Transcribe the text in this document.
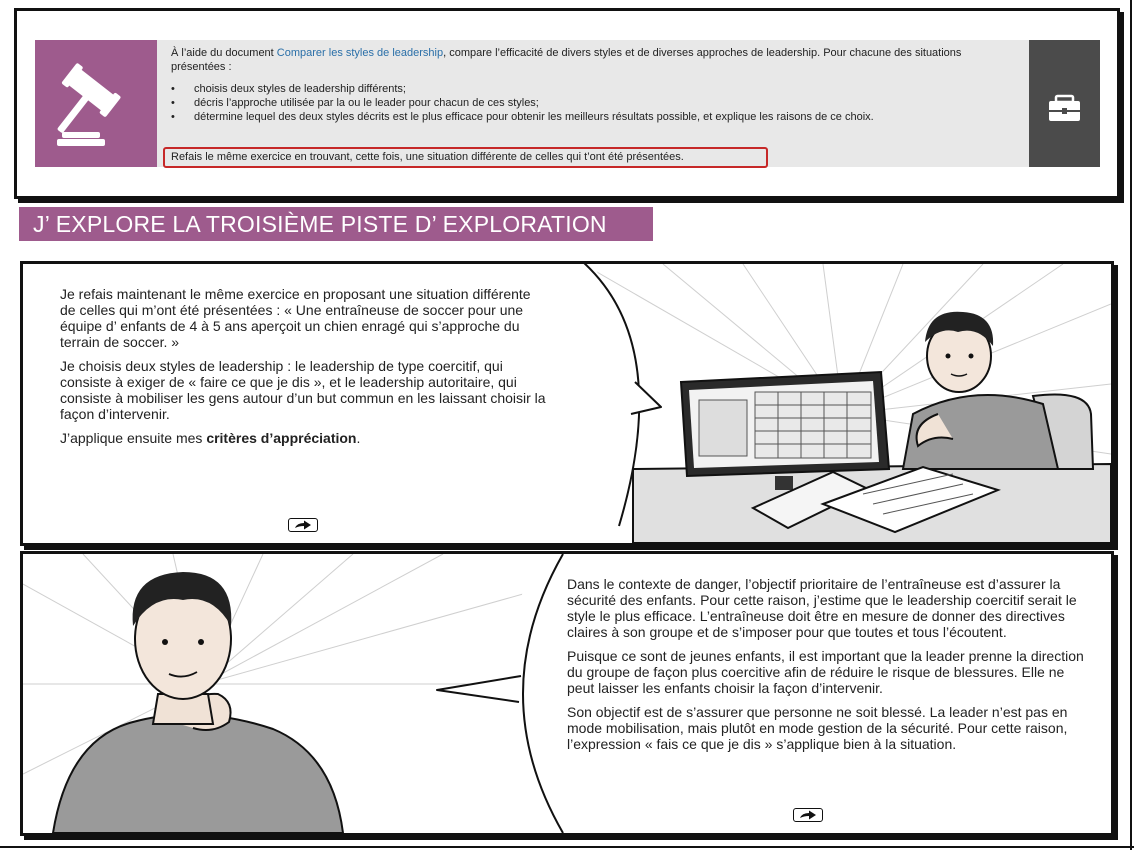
À l’aide du document Comparer les styles de leadership, compare l’efficacité de divers styles et de diverses approches de leadership. Pour chacune des situations présentées :

• choisis deux styles de leadership différents;
• décris l’approche utilisée par la ou le leader pour chacun de ces styles;
• détermine lequel des deux styles décrits est le plus efficace pour obtenir les meilleurs résultats possible, et explique les raisons de ce choix.
Refais le même exercice en trouvant, cette fois, une situation différente de celles qui t’ont été présentées.
J’ EXPLORE LA TROISIÈME PISTE D’ EXPLORATION

Je refais maintenant le même exercice en proposant une situation différente de celles qui m’ont été présentées : « Une entraîneuse de soccer pour une équipe d’ enfants de 4 à 5 ans aperçoit un chien enragé qui s’approche du terrain de soccer. »

Je choisis deux styles de leadership : le leadership de type coercitif, qui consiste à exiger de « faire ce que je dis », et le leadership autoritaire, qui consiste à mobiliser les gens autour d’un but commun en les laissant choisir la façon d’intervenir.

J’applique ensuite mes critères d’appréciation.

Dans le contexte de danger, l’objectif prioritaire de l’entraîneuse est d’assurer la sécurité des enfants. Pour cette raison, j’estime que le leadership coercitif serait le style le plus efficace. L’entraîneuse doit être en mesure de donner des directives claires à son groupe et de s’imposer pour que toutes et tous l’écoutent.

Puisque ce sont de jeunes enfants, il est important que la leader prenne la direction du groupe de façon plus coercitive afin de réduire le risque de blessures. Elle ne peut laisser les enfants choisir la façon d’intervenir.

Son objectif est de s’assurer que personne ne soit blessé. La leader n’est pas en mode mobilisation, mais plutôt en mode gestion de la sécurité. Pour cette raison, l’expression « fais ce que je dis » s’applique bien à la situation.
